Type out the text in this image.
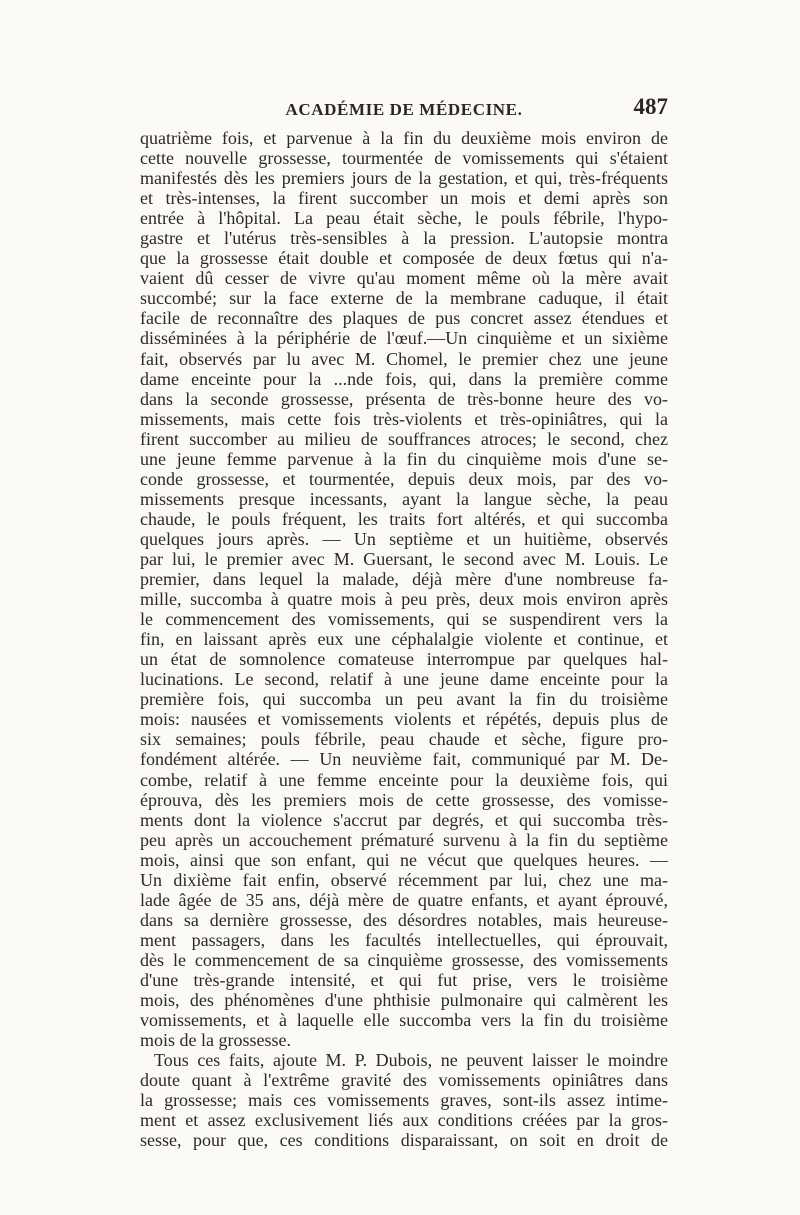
ACADÉMIE DE MÉDECINE.	487
quatrième fois, et parvenue à la fin du deuxième mois environ de
cette nouvelle grossesse, tourmentée de vomissements qui s'étaient
manifestés dès les premiers jours de la gestation, et qui, très-fréquents
et très-intenses, la firent succomber un mois et demi après son
entrée à l'hôpital. La peau était sèche, le pouls fébrile, l'hypo-
gastre et l'utérus très-sensibles à la pression. L'autopsie montra
que la grossesse était double et composée de deux fœtus qui n'a-
vaient dû cesser de vivre qu'au moment même où la mère avait
succombé; sur la face externe de la membrane caduque, il était
facile de reconnaître des plaques de pus concret assez étendues et
disséminées à la périphérie de l'œuf.—Un cinquième et un sixième
fait, observés par lu avec M. Chomel, le premier chez une jeune
dame enceinte pour la ...nde fois, qui, dans la première comme
dans la seconde grossesse, présenta de très-bonne heure des vo-
missements, mais cette fois très-violents et très-opiniâtres, qui la
firent succomber au milieu de souffrances atroces; le second, chez
une jeune femme parvenue à la fin du cinquième mois d'une se-
conde grossesse, et tourmentée, depuis deux mois, par des vo-
missements presque incessants, ayant la langue sèche, la peau
chaude, le pouls fréquent, les traits fort altérés, et qui succomba
quelques jours après. — Un septième et un huitième, observés
par lui, le premier avec M. Guersant, le second avec M. Louis. Le
premier, dans lequel la malade, déjà mère d'une nombreuse fa-
mille, succomba à quatre mois à peu près, deux mois environ après
le commencement des vomissements, qui se suspendirent vers la
fin, en laissant après eux une céphalalgie violente et continue, et
un état de somnolence comateuse interrompue par quelques hal-
lucinations. Le second, relatif à une jeune dame enceinte pour la
première fois, qui succomba un peu avant la fin du troisième
mois: nausées et vomissements violents et répétés, depuis plus de
six semaines; pouls fébrile, peau chaude et sèche, figure pro-
fondément altérée. — Un neuvième fait, communiqué par M. De-
combe, relatif à une femme enceinte pour la deuxième fois, qui
éprouva, dès les premiers mois de cette grossesse, des vomisse-
ments dont la violence s'accrut par degrés, et qui succomba très-
peu après un accouchement prématuré survenu à la fin du septième
mois, ainsi que son enfant, qui ne vécut que quelques heures. —
Un dixième fait enfin, observé récemment par lui, chez une ma-
lade âgée de 35 ans, déjà mère de quatre enfants, et ayant éprouvé,
dans sa dernière grossesse, des désordres notables, mais heureuse-
ment passagers, dans les facultés intellectuelles, qui éprouvait,
dès le commencement de sa cinquième grossesse, des vomissements
d'une très-grande intensité, et qui fut prise, vers le troisième
mois, des phénomènes d'une phthisie pulmonaire qui calmèrent les
vomissements, et à laquelle elle succomba vers la fin du troisième
mois de la grossesse.
Tous ces faits, ajoute M. P. Dubois, ne peuvent laisser le moindre
doute quant à l'extrême gravité des vomissements opiniâtres dans
la grossesse; mais ces vomissements graves, sont-ils assez intime-
ment et assez exclusivement liés aux conditions créées par la gros-
sesse, pour que, ces conditions disparaissant, on soit en droit de
